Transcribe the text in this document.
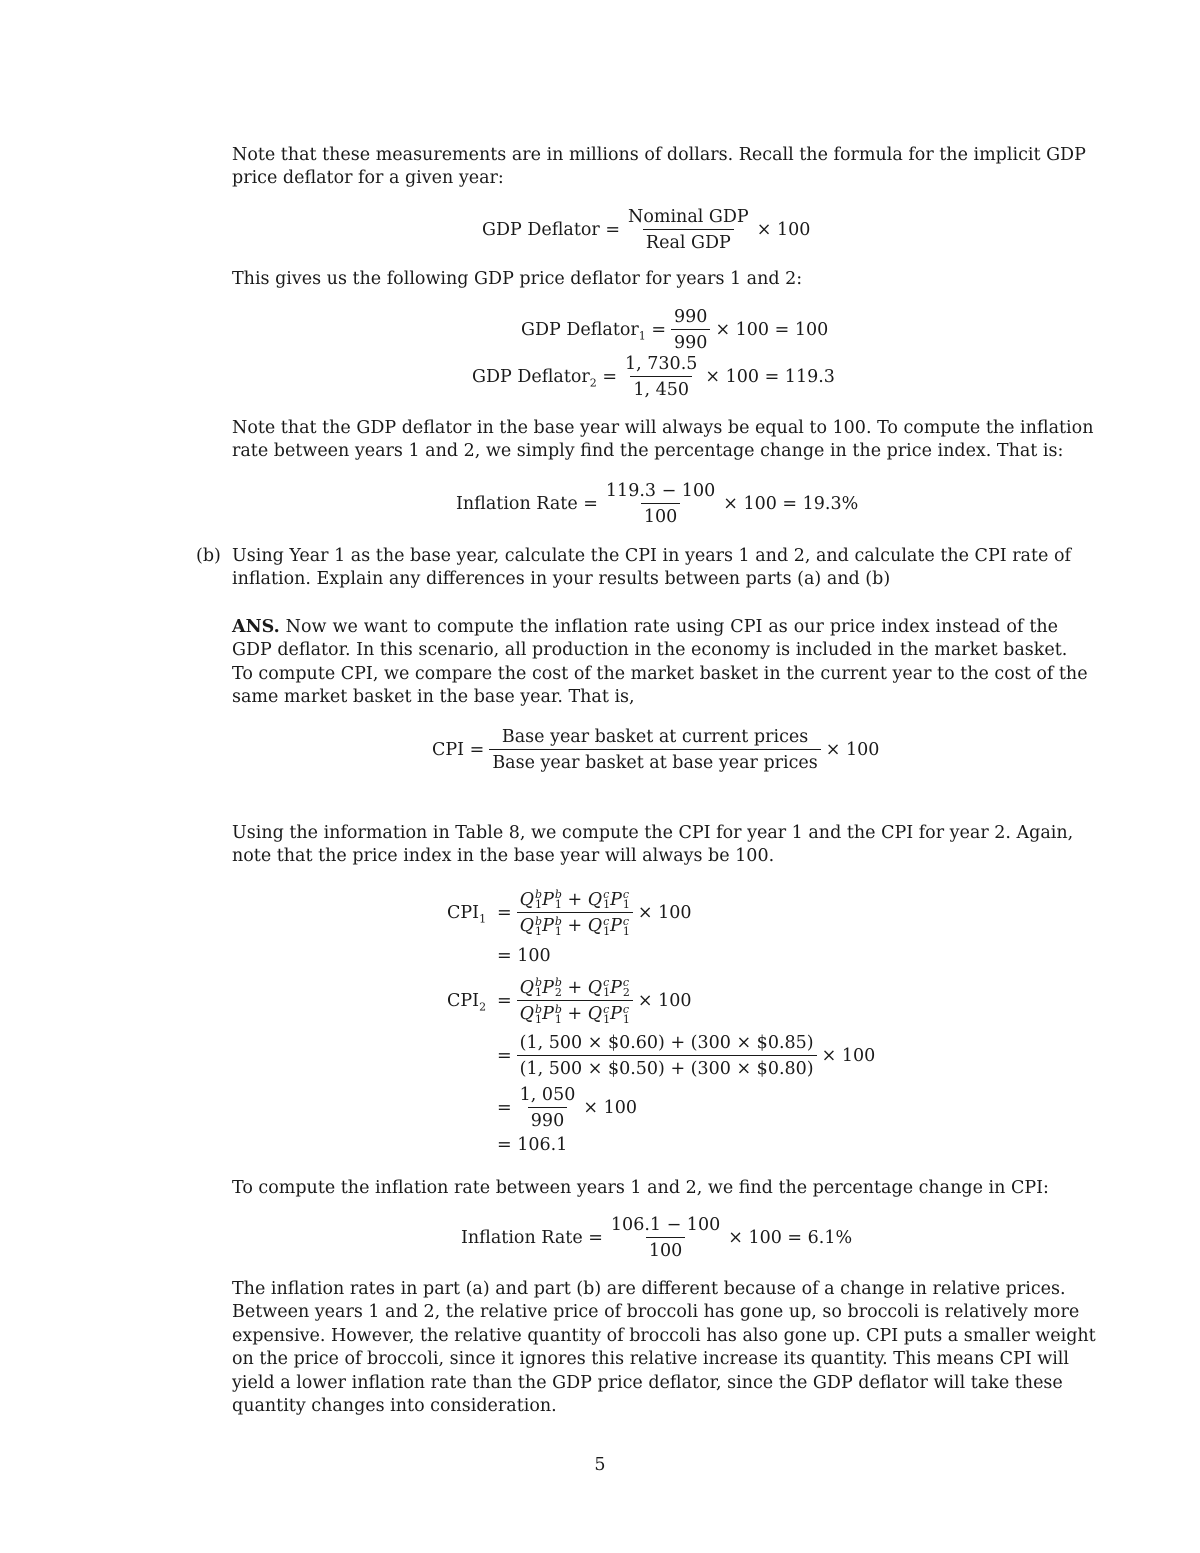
Note that these measurements are in millions of dollars. Recall the formula for the implicit GDP
price deflator for a given year:
GDP Deflator = $\frac{\text{Nominal GDP}}{\text{Real GDP}} \times 100$
This gives us the following GDP price deflator for years 1 and 2:
GDP Deflator$_1$ = $\frac{990}{990} \times 100 = 100$
GDP Deflator$_2$ = $\frac{1, 730.5}{1, 450} \times 100 = 119.3$
Note that the GDP deflator in the base year will always be equal to 100. To compute the inflation
rate between years 1 and 2, we simply find the percentage change in the price index. That is:
Inflation Rate = $\frac{119.3 - 100}{100} \times 100 = 19.3\%$
(b) Using Year 1 as the base year, calculate the CPI in years 1 and 2, and calculate the CPI rate of
inflation. Explain any differences in your results between parts (a) and (b)
ANS. Now we want to compute the inflation rate using CPI as our price index instead of the
GDP deflator. In this scenario, all production in the economy is included in the market basket.
To compute CPI, we compare the cost of the market basket in the current year to the cost of the
same market basket in the base year. That is,
CPI = $\frac{\text{Base year basket at current prices}}{\text{Base year basket at base year prices}} \times 100$
Using the information in Table 8, we compute the CPI for year 1 and the CPI for year 2. Again,
note that the price index in the base year will always be 100.
$CPI_1 = Q$ b
1 P b
1 + Q c
1 P c
1
Q b
1 P b
1 + Q c
1 P c
1 × 100
= 100
$CPI_2 = Q$ b
1 P b
2 + Q c
1 P c
2
Q b
1 P b
1 + Q c
1 P c
1 × 100
= $\frac{(1, 500 \times \$0.60) + (300 \times \$0.85)}{(1, 500 \times \$0.50) + (300 \times \$0.80)} \times 100$
= $\frac{1, 050}{990} \times 100$
= 106.1
To compute the inflation rate between years 1 and 2, we find the percentage change in CPI:
Inflation Rate = $\frac{106.1 - 100}{100} \times 100 = 6.1\%$
The inflation rates in part (a) and part (b) are different because of a change in relative prices.
Between years 1 and 2, the relative price of broccoli has gone up, so broccoli is relatively more
expensive. However, the relative quantity of broccoli has also gone up. CPI puts a smaller weight
on the price of broccoli, since it ignores this relative increase its quantity. This means CPI will
yield a lower inflation rate than the GDP price deflator, since the GDP deflator will take these
quantity changes into consideration.
5
